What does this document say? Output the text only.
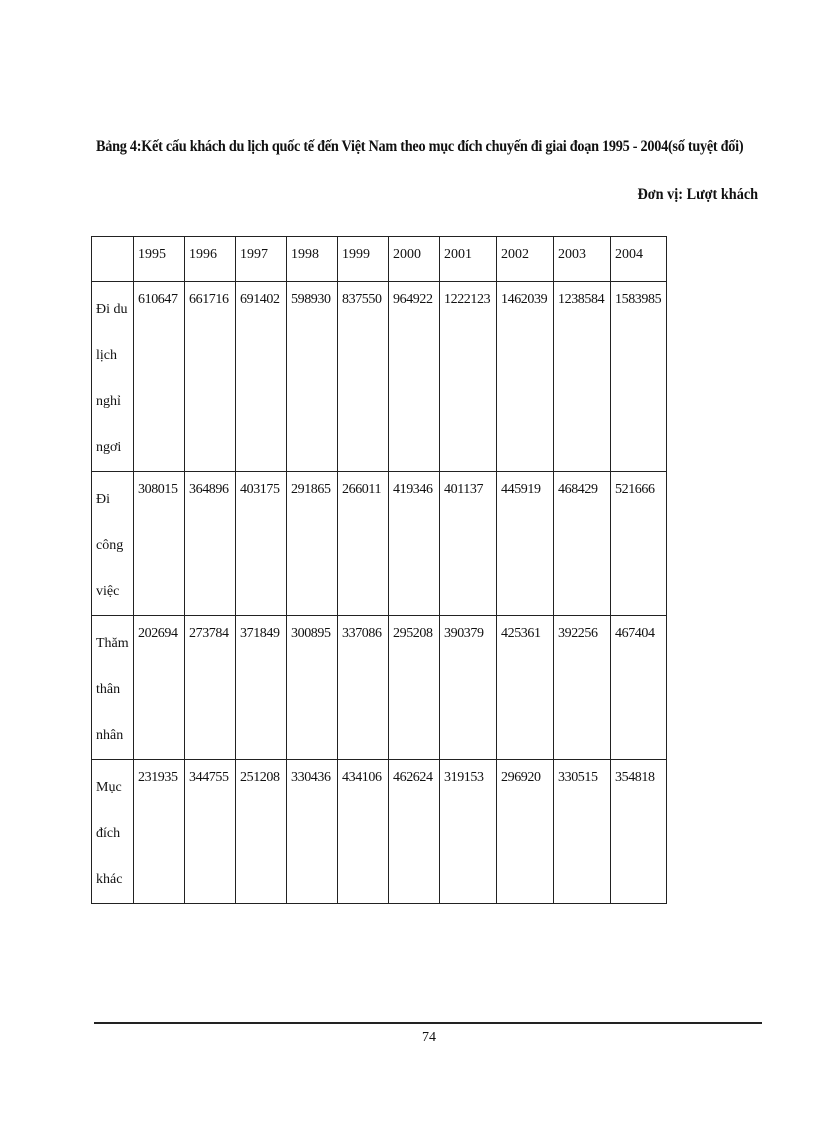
Bảng 4:Kết cấu khách du lịch quốc tế đến Việt Nam theo mục đích chuyến đi giai đoạn 1995 - 2004(số tuyệt đối)
Đơn vị: Lượt khách
	1995	1996	1997	1998	1999	2000	2001	2002	2003	2004
Đi du lịch nghỉ ngơi	610647	661716	691402	598930	837550	964922	1222123	1462039	1238584	1583985
Đi công việc	308015	364896	403175	291865	266011	419346	401137	445919	468429	521666
Thăm thân nhân	202694	273784	371849	300895	337086	295208	390379	425361	392256	467404
Mục đích khác	231935	344755	251208	330436	434106	462624	319153	296920	330515	354818
74
